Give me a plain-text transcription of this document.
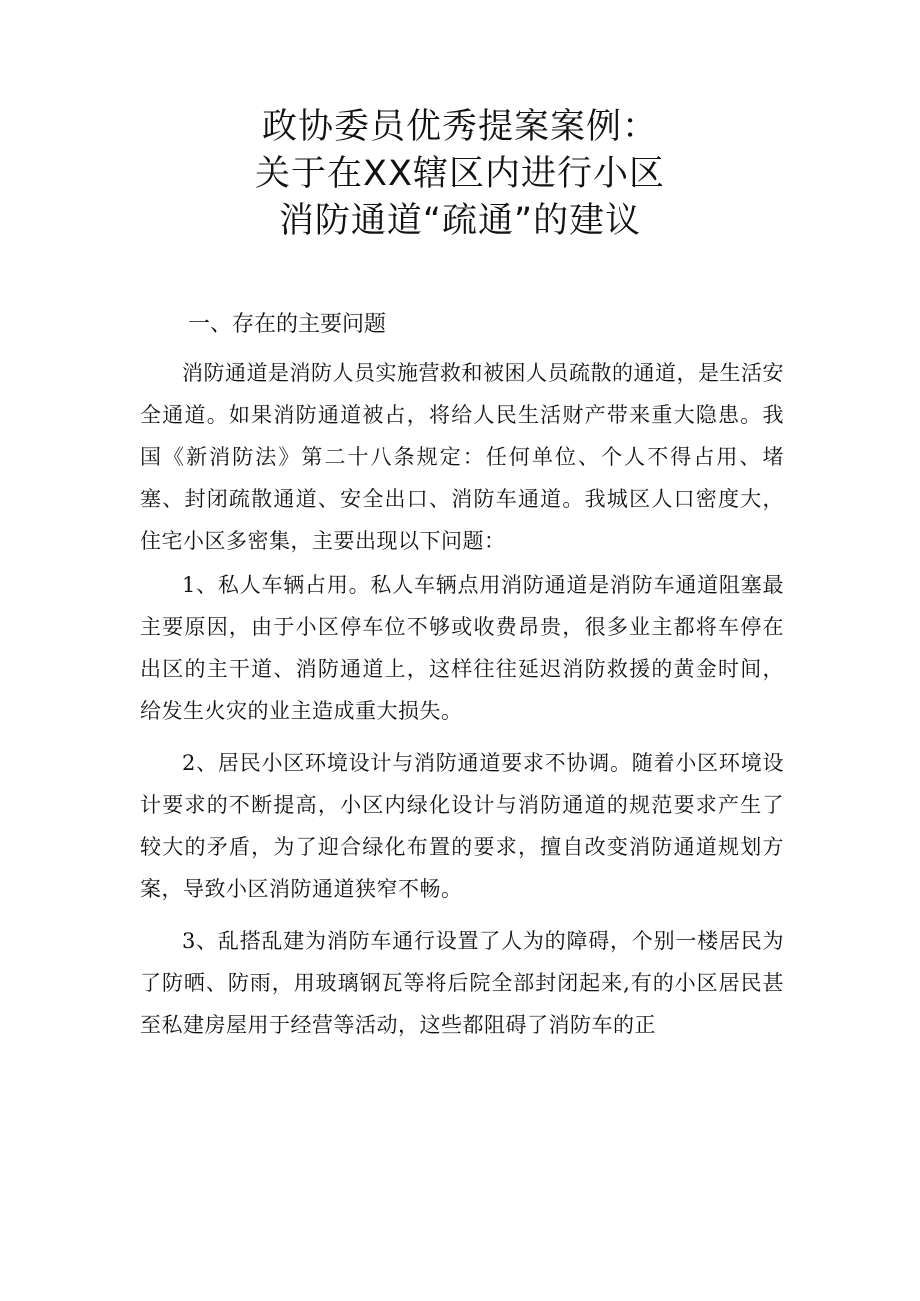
政协委员优秀提案案例：
关于在XX辖区内进行小区
消防通道“疏通”的建议
一、存在的主要问题

消防通道是消防人员实施营救和被困人员疏散的通道，是生活安全通道。如果消防通道被占，将给人民生活财产带来重大隐患。我国《新消防法》第二十八条规定：任何单位、个人不得占用、堵塞、封闭疏散通道、安全出口、消防车通道。我城区人口密度大，住宅小区多密集，主要出现以下问题：

1、私人车辆占用。私人车辆点用消防通道是消防车通道阻塞最主要原因，由于小区停车位不够或收费昂贵，很多业主都将车停在出区的主干道、消防通道上，这样往往延迟消防救援的黄金时间，给发生火灾的业主造成重大损失。

2、居民小区环境设计与消防通道要求不协调。随着小区环境设计要求的不断提高，小区内绿化设计与消防通道的规范要求产生了较大的矛盾，为了迎合绿化布置的要求，擅自改变消防通道规划方案，导致小区消防通道狭窄不畅。

3、乱搭乱建为消防车通行设置了人为的障碍，个别一楼居民为了防晒、防雨，用玻璃钢瓦等将后院全部封闭起来,有的小区居民甚至私建房屋用于经营等活动，这些都阻碍了消防车的正
